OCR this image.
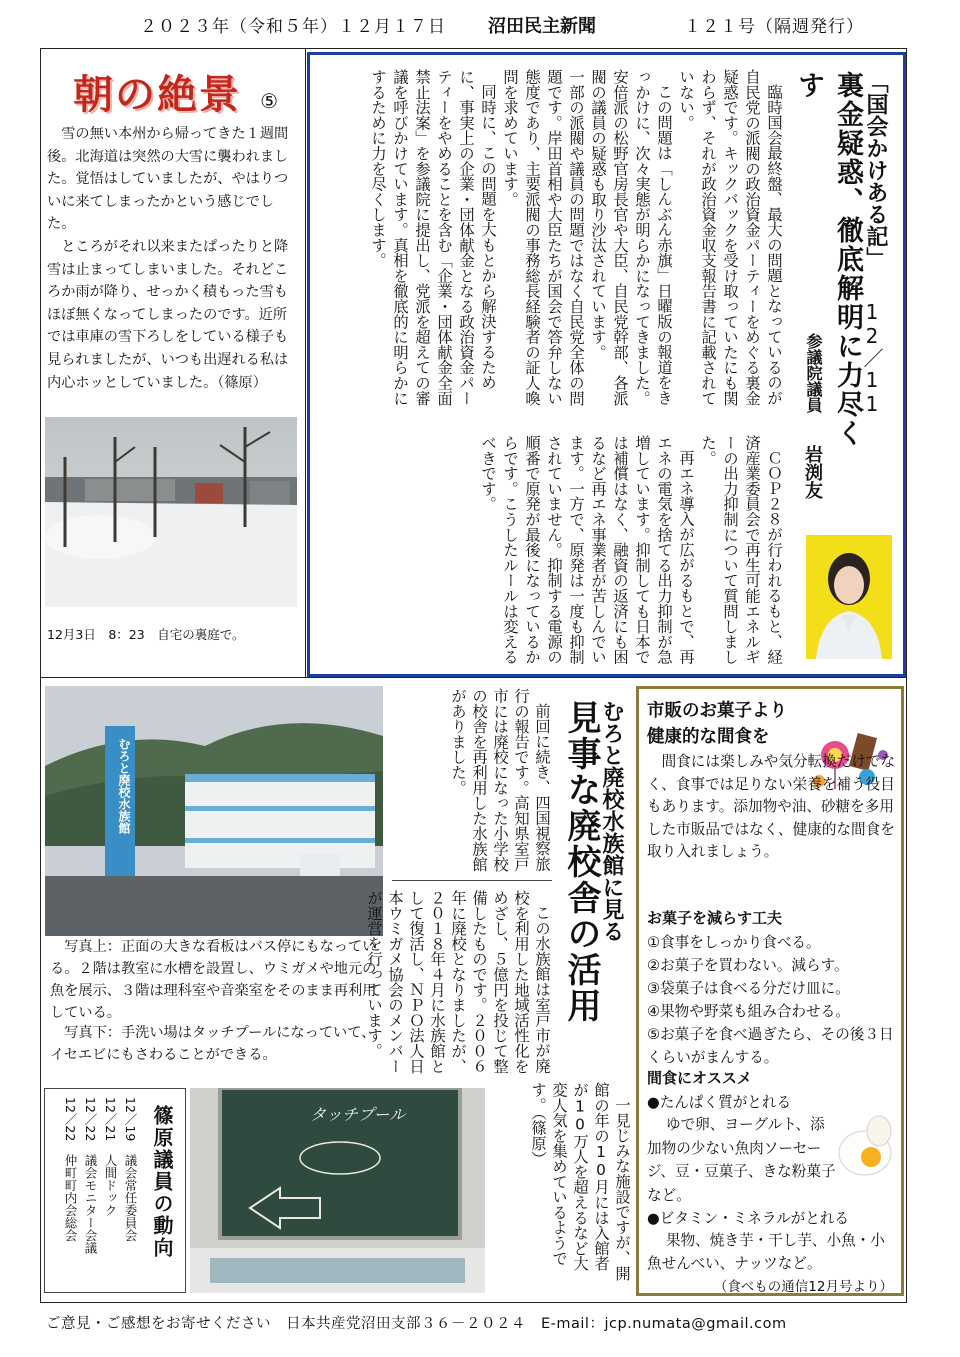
２０２３年（令和５年）１２月１７日 沼田民主新聞	１２１号（隔週発行）
朝の絶景 ⑤

　雪の無い本州から帰ってきた１週間後。北海道は突然の大雪に襲われました。覚悟はしていましたが、やはりついに来てしまったかという感じでした。
　ところがそれ以来またぱったりと降雪は止まってしまいました。それどころか雨が降り、せっかく積もった雪もほぼ無くなってしまったのです。近所では車庫の雪下ろしをしている様子も見られましたが、いつも出遅れる私は内心ホッとしていました。（篠原）

12月3日　8：23　自宅の裏庭で。
「国会かけある記」
12／11
裏金疑惑、徹底解明に力尽くす
参議院議員
岩渕友

臨時国会最終盤、最大の問題となっているのが自民党の派閥の政治資金パーティーをめぐる裏金疑惑です。キックバックを受け取っていたにも関わらず、それが政治資金収支報告書に記載されていない。

この問題は「しんぶん赤旗」日曜版の報道をきっかけに、次々実態が明らかになってきました。安倍派の松野官房長官や大臣、自民党幹部、各派閥の議員の疑惑も取り沙汰されています。

一部の派閥や議員の問題ではなく自民党全体の問題です。岸田首相や大臣たちが国会で答弁しない態度であり、主要派閥の事務総長経験者の証人喚問を求めています。

同時に、この問題を大もとから解決するために、事実上の企業・団体献金となる政治資金パーティーをやめることを含む「企業・団体献金全面禁止法案」を参議院に提出し、党派を超えての審議を呼びかけています。真相を徹底的に明らかにするために力を尽くします。

ＣＯＰ２８が行われるもと、経済産業委員会で再生可能エネルギーの出力抑制について質問しました。

再エネ導入が広がるもとで、再エネの電気を捨てる出力抑制が急増しています。抑制しても日本では補償はなく、融資の返済にも困るなど再エネ事業者が苦しんでいます。一方で、原発は一度も抑制されていません。抑制する電源の順番で原発が最後になっているからです。こうしたルールは変えるべきです。

むろと廃校水族館

　写真上：正面の大きな看板はバス停にもなっている。２階は教室に水槽を設置し、ウミガメや地元の魚を展示、３階は理科室や音楽室をそのまま再利用している。

　写真下：手洗い場はタッチプールになっていて、イセエビにもさわることができる。

むろと廃校水族館に見る
見事な廃校舎の活用

前回に続き、四国視察旅行の報告です。高知県室戸市には廃校になった小学校の校舎を再利用した水族館がありました。

この水族館は室戸市が廃校を利用した地域活性化をめざし、５億円を投じて整備したものです。２００６年に廃校となりましたが、２０１８年４月に水族館として復活し、ＮＰＯ法人日本ウミガメ協会のメンバーが運営を行っています。

一見じみな施設ですが、開館の年の10月には入館者が10万人を超えるなど大変人気を集めているようです。（篠原）

タッチプール
篠原議員の動向
12／19　議会常任委員会
12／21　人間ドック
12／22　議会モニター会議
12／22　仲町町内会総会
市販のお菓子より
健康的な間食を

　間食には楽しみや気分転換だけでなく、食事では足りない栄養を補う役目もあります。添加物や油、砂糖を多用した市販品ではなく、健康的な間食を取り入れましょう。

お菓子を減らす工夫
①食事をしっかり食べる。
②お菓子を買わない。減らす。
③袋菓子は食べる分だけ皿に。
④果物や野菜も組み合わせる。
⑤お菓子を食べ過ぎたら、その後３日くらいがまんする。
間食にオススメ
●たんぱく質がとれる

ゆで卵、ヨーグルト、添加物の少ない魚肉ソーセージ、豆・豆菓子、きな粉菓子など。

●ビタミン・ミネラルがとれる

果物、焼き芋・干し芋、小魚・小魚せんべい、ナッツなど。

（食べもの通信12月号より）
ご意見・ご感想をお寄せください　日本共産党沼田支部３６－２０２４　E-mail：jcp.numata@gmail.com
